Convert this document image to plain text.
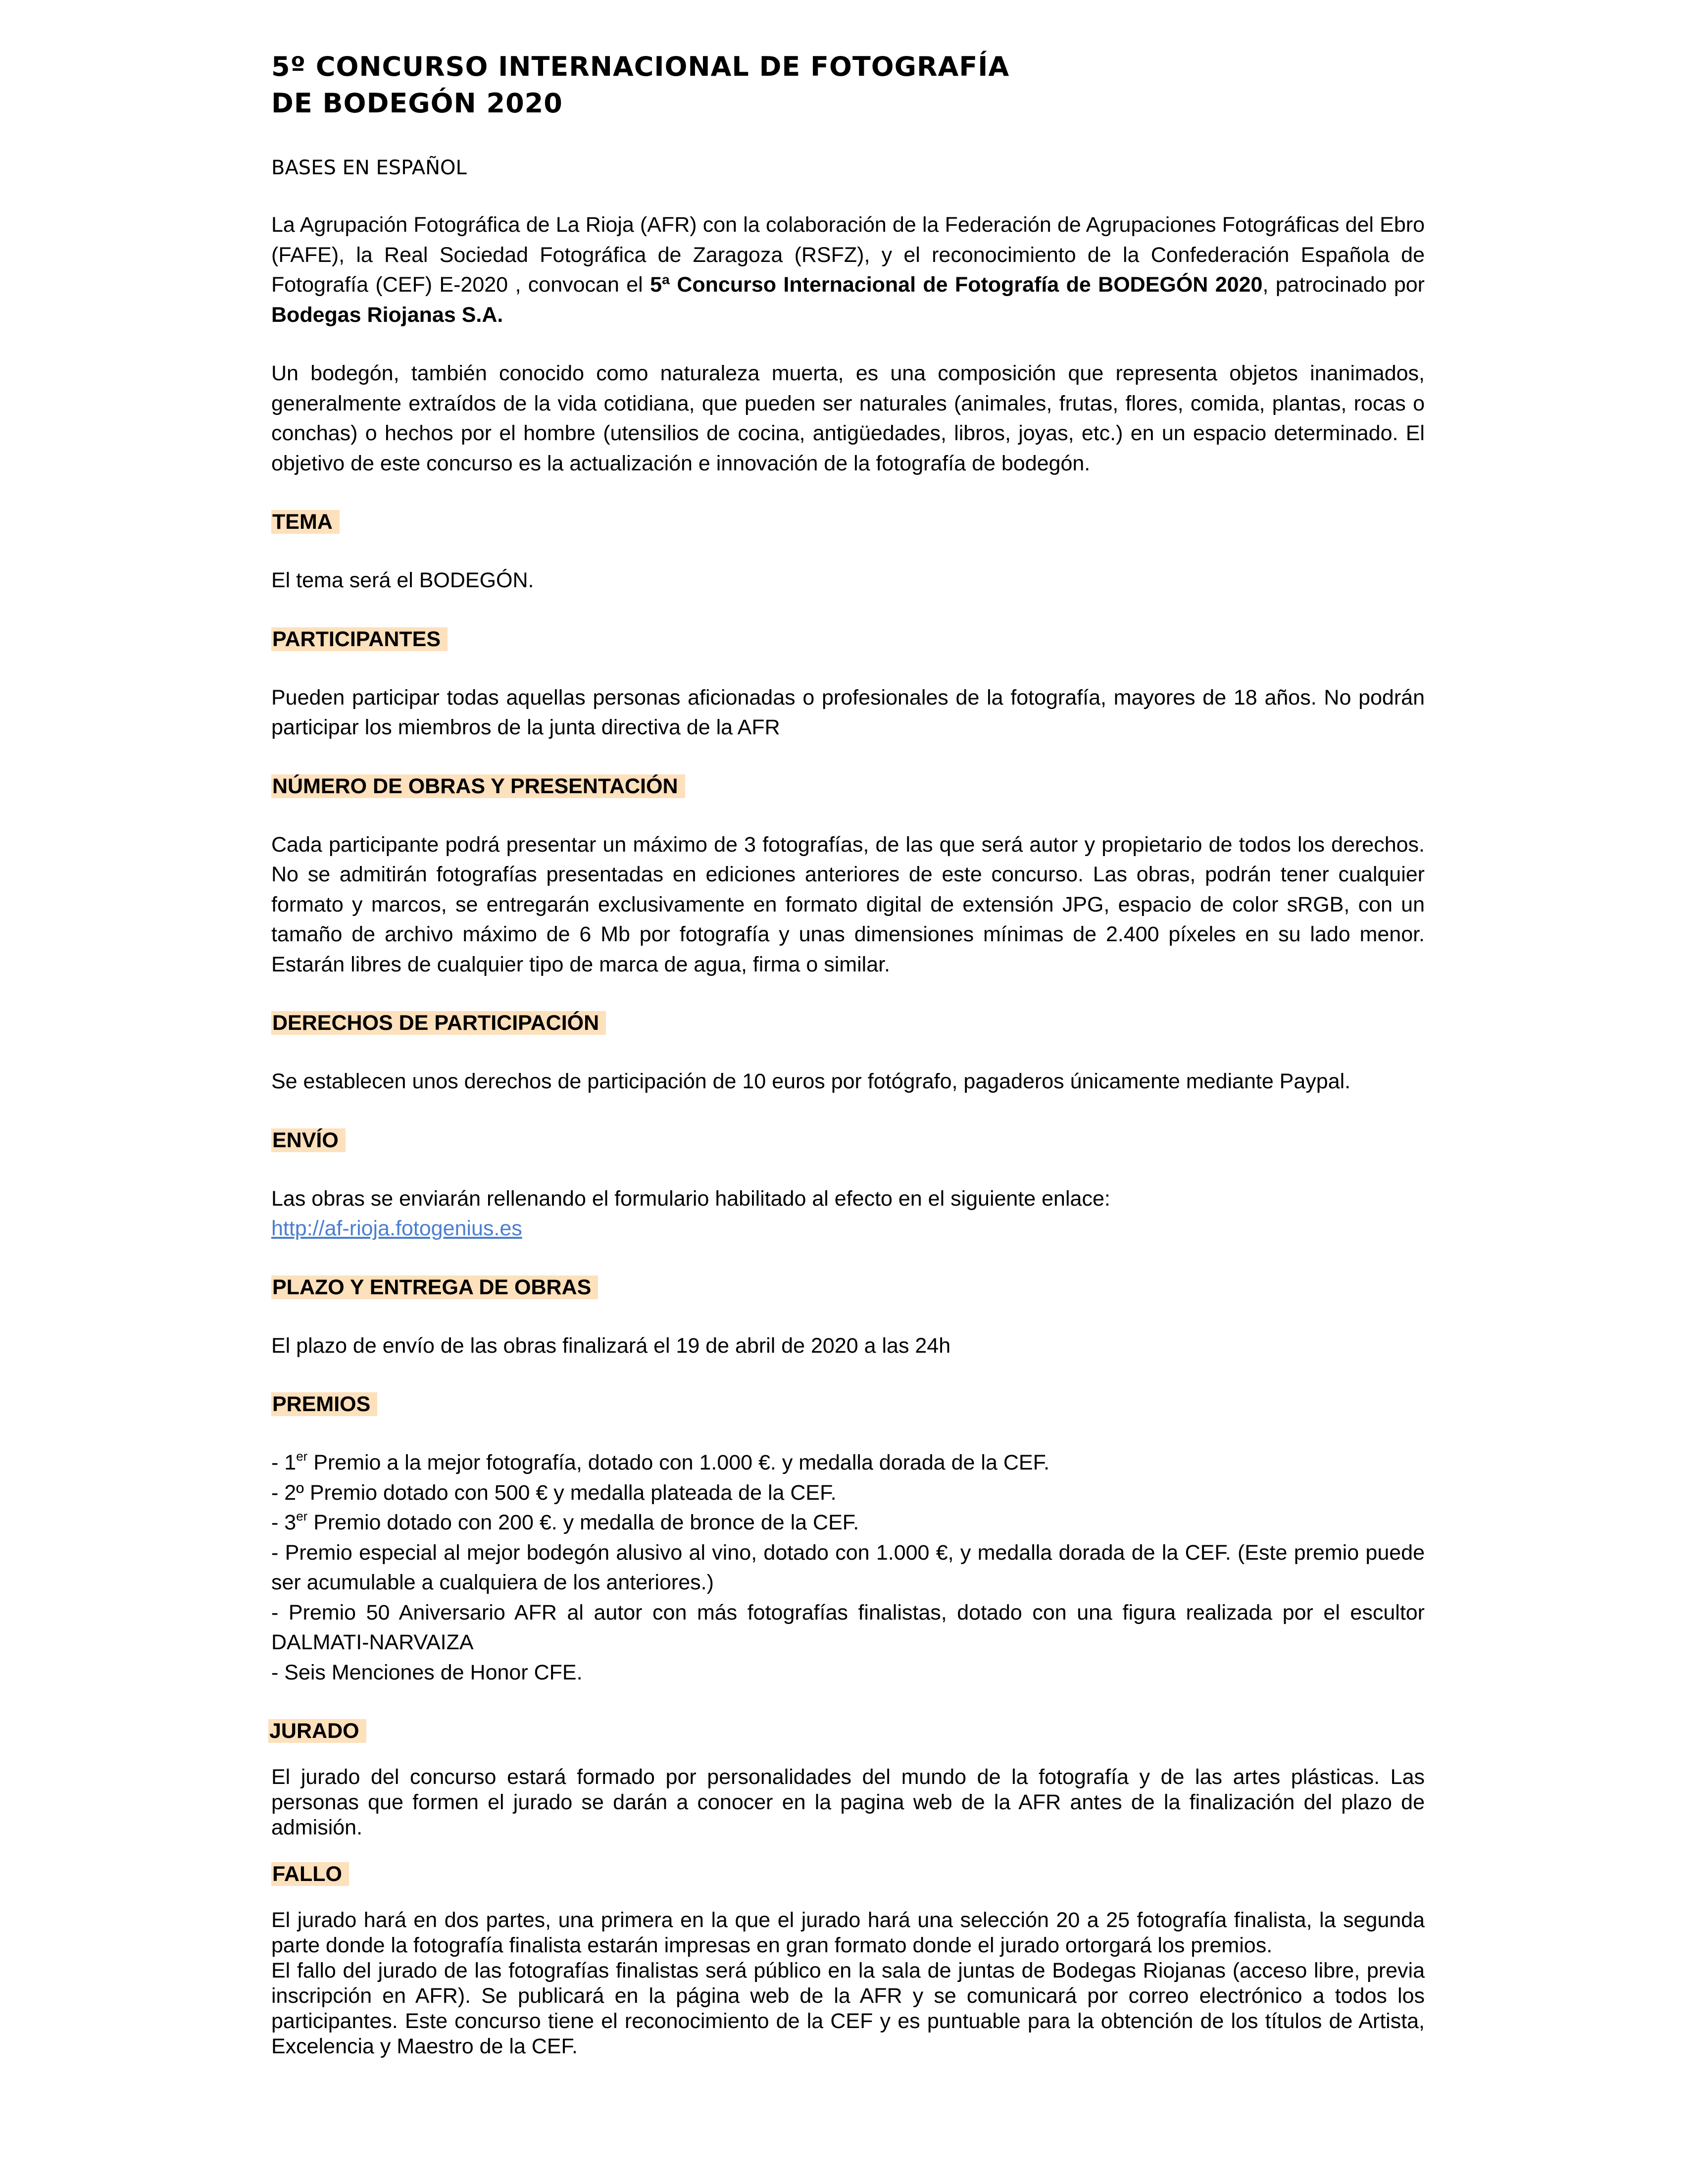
5º CONCURSO INTERNACIONAL DE FOTOGRAFÍA
DE BODEGÓN 2020
BASES EN ESPAÑOL

La Agrupación Fotográfica de La Rioja (AFR) con la colaboración de la Federación de Agrupaciones Fotográficas del Ebro (FAFE), la Real Sociedad Fotográfica de Zaragoza (RSFZ), y el reconocimiento de la Confederación Española de Fotografía (CEF) E-2020 , convocan el 5ª Concurso Internacional de Fotografía de BODEGÓN 2020, patrocinado por Bodegas Riojanas S.A.

Un bodegón, también conocido como naturaleza muerta, es una composición que representa objetos inanimados, generalmente extraídos de la vida cotidiana, que pueden ser naturales (animales, frutas, flores, comida, plantas, rocas o conchas) o hechos por el hombre (utensilios de cocina, antigüedades, libros, joyas, etc.) en un espacio determinado. El objetivo de este concurso es la actualización e innovación de la fotografía de bodegón.

TEMA

El tema será el BODEGÓN.

PARTICIPANTES

Pueden participar todas aquellas personas aficionadas o profesionales de la fotografía, mayores de 18 años. No podrán participar los miembros de la junta directiva de la AFR

NÚMERO DE OBRAS Y PRESENTACIÓN

Cada participante podrá presentar un máximo de 3 fotografías, de las que será autor y propietario de todos los derechos. No se admitirán fotografías presentadas en ediciones anteriores de este concurso. Las obras, podrán tener cualquier formato y marcos, se entregarán exclusivamente en formato digital de extensión JPG, espacio de color sRGB, con un tamaño de archivo máximo de 6 Mb por fotografía y unas dimensiones mínimas de 2.400 píxeles en su lado menor. Estarán libres de cualquier tipo de marca de agua, firma o similar.

DERECHOS DE PARTICIPACIÓN

Se establecen unos derechos de participación de 10 euros por fotógrafo, pagaderos únicamente mediante Paypal.

ENVÍO

Las obras se enviarán rellenando el formulario habilitado al efecto en el siguiente enlace:
http://af-rioja.fotogenius.es

PLAZO Y ENTREGA DE OBRAS

El plazo de envío de las obras finalizará el 19 de abril de 2020 a las 24h

PREMIOS
- 1er Premio a la mejor fotografía, dotado con 1.000 €. y medalla dorada de la CEF.
- 2º Premio dotado con 500 € y medalla plateada de la CEF.
- 3er Premio dotado con 200 €. y medalla de bronce de la CEF.

- Premio especial al mejor bodegón alusivo al vino, dotado con 1.000 €, y medalla dorada de la CEF. (Este premio puede ser acumulable a cualquiera de los anteriores.)

- Premio 50 Aniversario AFR al autor con más fotografías finalistas, dotado con una figura realizada por el escultor DALMATI-NARVAIZA

- Seis Menciones de Honor CFE.
JURADO

El jurado del concurso estará formado por personalidades del mundo de la fotografía y de las artes plásticas. Las personas que formen el jurado se darán a conocer en la pagina web de la AFR antes de la finalización del plazo de admisión.

FALLO

El jurado hará en dos partes, una primera en la que el jurado hará una selección 20 a 25 fotografía finalista, la segunda parte donde la fotografía finalista estarán impresas en gran formato donde el jurado ortorgará los premios.

El fallo del jurado de las fotografías finalistas será público en la sala de juntas de Bodegas Riojanas (acceso libre, previa inscripción en AFR). Se publicará en la página web de la AFR y se comunicará por correo electrónico a todos los participantes. Este concurso tiene el reconocimiento de la CEF y es puntuable para la obtención de los títulos de Artista, Excelencia y Maestro de la CEF.
